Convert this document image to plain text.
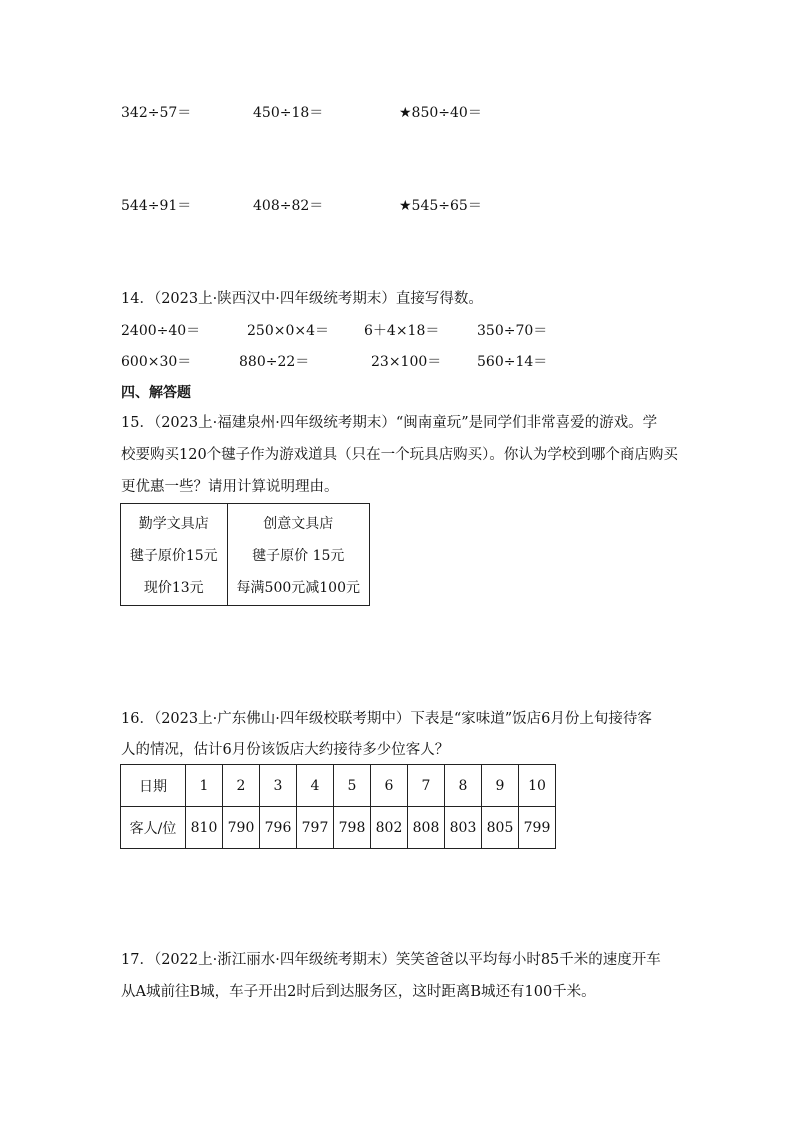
342÷57＝	450÷18＝	★850÷40＝
544÷91＝	408÷82＝	★545÷65＝
14．（2023上·陕西汉中·四年级统考期末）直接写得数。
2400÷40＝	250×0×4＝	6＋4×18＝	350÷70＝
600×30＝	880÷22＝	23×100＝	560÷14＝
四、解答题
15．（2023上·福建泉州·四年级统考期末）“闽南童玩”是同学们非常喜爱的游戏。学
校要购买120个毽子作为游戏道具（只在一个玩具店购买）。你认为学校到哪个商店购买
更优惠一些？请用计算说明理由。
勤学文具店
毽子原价15元
现价13元

创意文具店
毽子原价 15元
每满500元减100元
16．（2023上·广东佛山·四年级校联考期中）下表是“家味道”饭店6月份上旬接待客
人的情况，估计6月份该饭店大约接待多少位客人？
日期	1	2	3	4	5	6	7	8	9	10
客人/位	810	790	796	797	798	802	808	803	805	799
17．（2022上·浙江丽水·四年级统考期末）笑笑爸爸以平均每小时85千米的速度开车
从A城前往B城，车子开出2时后到达服务区，这时距离B城还有100千米。
